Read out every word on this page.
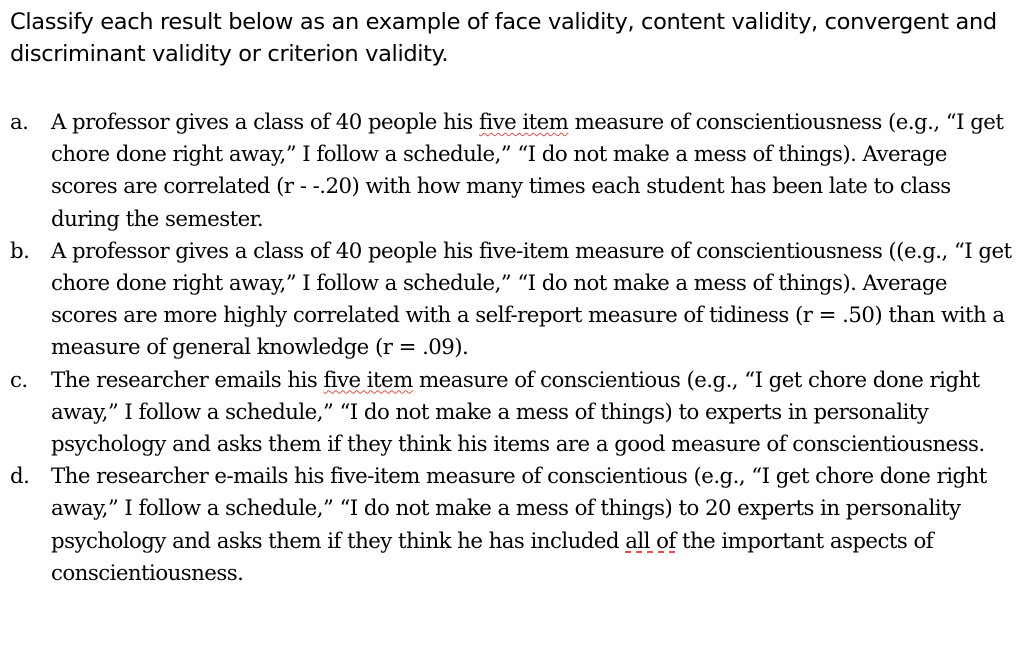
Classify each result below as an example of face validity, content validity, convergent and discriminant validity or criterion validity.

a. A professor gives a class of 40 people his five item measure of conscientiousness (e.g., “I get chore done right away,” I follow a schedule,” “I do not make a mess of things). Average scores are correlated (r - -.20) with how many times each student has been late to class during the semester.
b. A professor gives a class of 40 people his five-item measure of conscientiousness ((e.g., “I get chore done right away,” I follow a schedule,” “I do not make a mess of things). Average scores are more highly correlated with a self-report measure of tidiness (r = .50) than with a measure of general knowledge (r = .09).
c. The researcher emails his five item measure of conscientious (e.g., “I get chore done right away,” I follow a schedule,” “I do not make a mess of things) to experts in personality psychology and asks them if they think his items are a good measure of conscientiousness.
d. The researcher e-mails his five-item measure of conscientious (e.g., “I get chore done right away,” I follow a schedule,” “I do not make a mess of things) to 20 experts in personality psychology and asks them if they think he has included all of the important aspects of conscientiousness.
